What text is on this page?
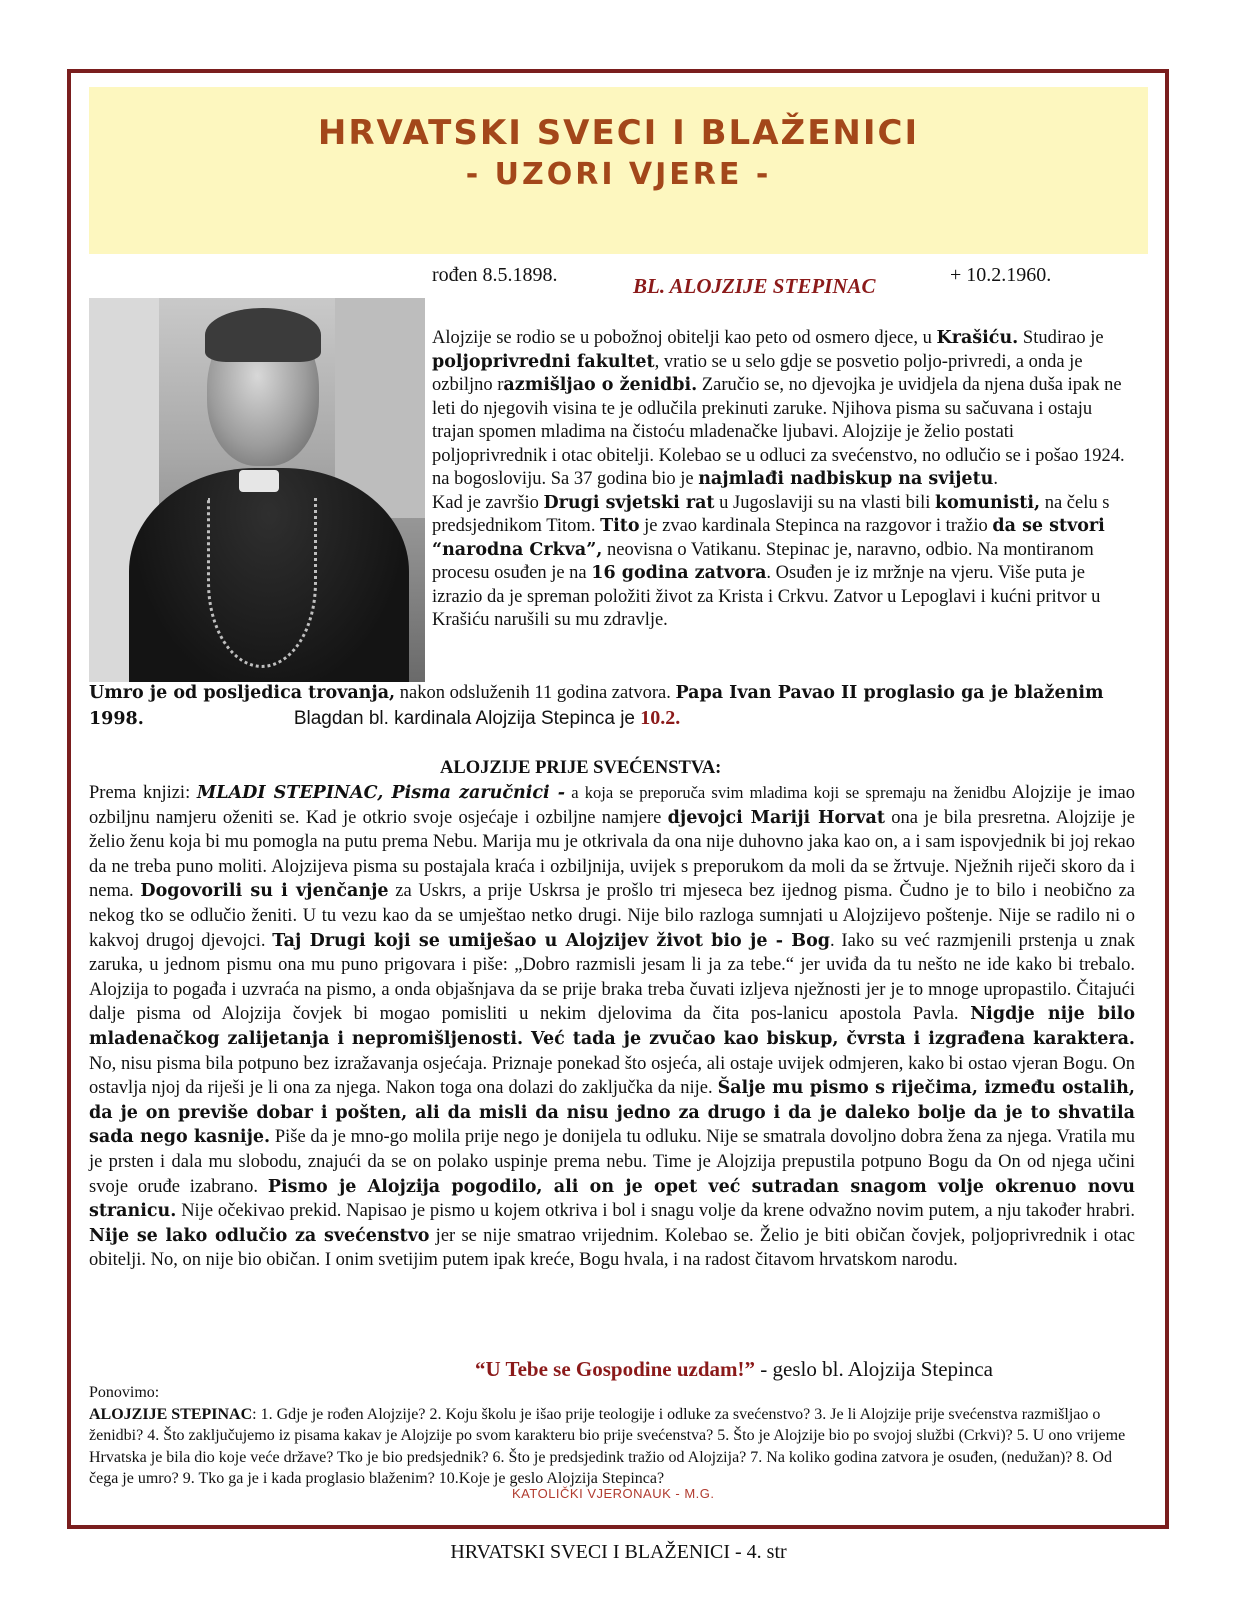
HRVATSKI SVECI I BLAŽENICI
- UZORI VJERE -
rođen 8.5.1898.	BL. ALOJZIJE STEPINAC	+ 10.2.1960.
Alojzije se rodio se u pobožnoj obitelji kao peto od osmero djece, u Krašiću. Studirao je poljoprivredni fakultet, vratio se u selo gdje se posvetio poljo-privredi, a onda je ozbiljno razmišljao o ženidbi. Zaručio se, no djevojka je uvidjela da njena duša ipak ne leti do njegovih visina te je odlučila prekinuti zaruke. Njihova pisma su sačuvana i ostaju trajan spomen mladima na čistoću mladenačke ljubavi. Alojzije je želio postati poljoprivrednik i otac obitelji. Kolebao se u odluci za svećenstvo, no odlučio se i pošao 1924. na bogosloviju. Sa 37 godina bio je najmlađi nadbiskup na svijetu.
Kad je završio Drugi svjetski rat u Jugoslaviji su na vlasti bili komunisti, na čelu s predsjednikom Titom. Tito je zvao kardinala Stepinca na razgovor i tražio da se stvori “narodna Crkva”, neovisna o Vatikanu. Stepinac je, naravno, odbio. Na montiranom procesu osuđen je na 16 godina zatvora. Osuđen je iz mržnje na vjeru. Više puta je izrazio da je spreman položiti život za Krista i Crkvu. Zatvor u Lepoglavi i kućni pritvor u Krašiću narušili su mu zdravlje.
Umro je od posljedica trovanja, nakon odsluženih 11 godina zatvora. Papa Ivan Pavao II proglasio ga je blaženim 1998.	Blagdan bl. kardinala Alojzija Stepinca je 10.2.
ALOJZIJE PRIJE SVEĆENSTVA:
Prema knjizi: MLADI STEPINAC, Pisma zaručnici - a koja se preporuča svim mladima koji se spremaju na ženidbu Alojzije je imao ozbiljnu namjeru oženiti se. Kad je otkrio svoje osjećaje i ozbiljne namjere djevojci Mariji Horvat ona je bila presretna. Alojzije je želio ženu koja bi mu pomogla na putu prema Nebu. Marija mu je otkrivala da ona nije duhovno jaka kao on, a i sam ispovjednik bi joj rekao da ne treba puno moliti. Alojzijeva pisma su postajala kraća i ozbiljnija, uvijek s preporukom da moli da se žrtvuje. Nježnih riječi skoro da i nema. Dogovorili su i vjenčanje za Uskrs, a prije Uskrsa je prošlo tri mjeseca bez ijednog pisma. Čudno je to bilo i neobično za nekog tko se odlučio ženiti. U tu vezu kao da se umještao netko drugi. Nije bilo razloga sumnjati u Alojzijevo poštenje. Nije se radilo ni o kakvoj drugoj djevojci. Taj Drugi koji se umiješao u Alojzijev život bio je - Bog. Iako su već razmjenili prstenja u znak zaruka, u jednom pismu ona mu puno prigovara i piše: „Dobro razmisli jesam li ja za tebe.“ jer uviđa da tu nešto ne ide kako bi trebalo. Alojzija to pogađa i uzvraća na pismo, a onda objašnjava da se prije braka treba čuvati izljeva nježnosti jer je to mnoge upropastilo. Čitajući dalje pisma od Alojzija čovjek bi mogao pomisliti u nekim djelovima da čita pos-lanicu apostola Pavla. Nigdje nije bilo mladenačkog zalijetanja i nepromišljenosti. Već tada je zvučao kao biskup, čvrsta i izgrađena karaktera. No, nisu pisma bila potpuno bez izražavanja osjećaja. Priznaje ponekad što osjeća, ali ostaje uvijek odmjeren, kako bi ostao vjeran Bogu. On ostavlja njoj da riješi je li ona za njega. Nakon toga ona dolazi do zaključka da nije. Šalje mu pismo s riječima, između ostalih, da je on previše dobar i pošten, ali da misli da nisu jedno za drugo i da je daleko bolje da je to shvatila sada nego kasnije. Piše da je mno-go molila prije nego je donijela tu odluku. Nije se smatrala dovoljno dobra žena za njega. Vratila mu je prsten i dala mu slobodu, znajući da se on polako uspinje prema nebu. Time je Alojzija prepustila potpuno Bogu da On od njega učini svoje oruđe izabrano. Pismo je Alojzija pogodilo, ali on je opet već sutradan snagom volje okrenuo novu stranicu. Nije očekivao prekid. Napisao je pismo u kojem otkriva i bol i snagu volje da krene odvažno novim putem, a nju također hrabri. Nije se lako odlučio za svećenstvo jer se nije smatrao vrijednim. Kolebao se. Želio je biti običan čovjek, poljoprivrednik i otac obitelji. No, on nije bio običan. I onim svetijim putem ipak kreće, Bogu hvala, i na radost čitavom hrvatskom narodu.
“U Tebe se Gospodine uzdam!” - geslo bl. Alojzija Stepinca
Ponovimo:
ALOJZIJE STEPINAC: 1. Gdje je rođen Alojzije? 2. Koju školu je išao prije teologije i odluke za svećenstvo? 3. Je li Alojzije prije svećenstva razmišljao o ženidbi? 4. Što zaključujemo iz pisama kakav je Alojzije po svom karakteru bio prije svećenstva? 5. Što je Alojzije bio po svojoj službi (Crkvi)? 5. U ono vrijeme Hrvatska je bila dio koje veće države? Tko je bio predsjednik? 6. Što je predsjedink tražio od Alojzija? 7. Na koliko godina zatvora je osuđen, (nedužan)? 8. Od čega je umro? 9. Tko ga je i kada proglasio blaženim? 10.Koje je geslo Alojzija Stepinca?
KATOLIČKI VJERONAUK - M.G.
HRVATSKI SVECI I BLAŽENICI - 4. str
